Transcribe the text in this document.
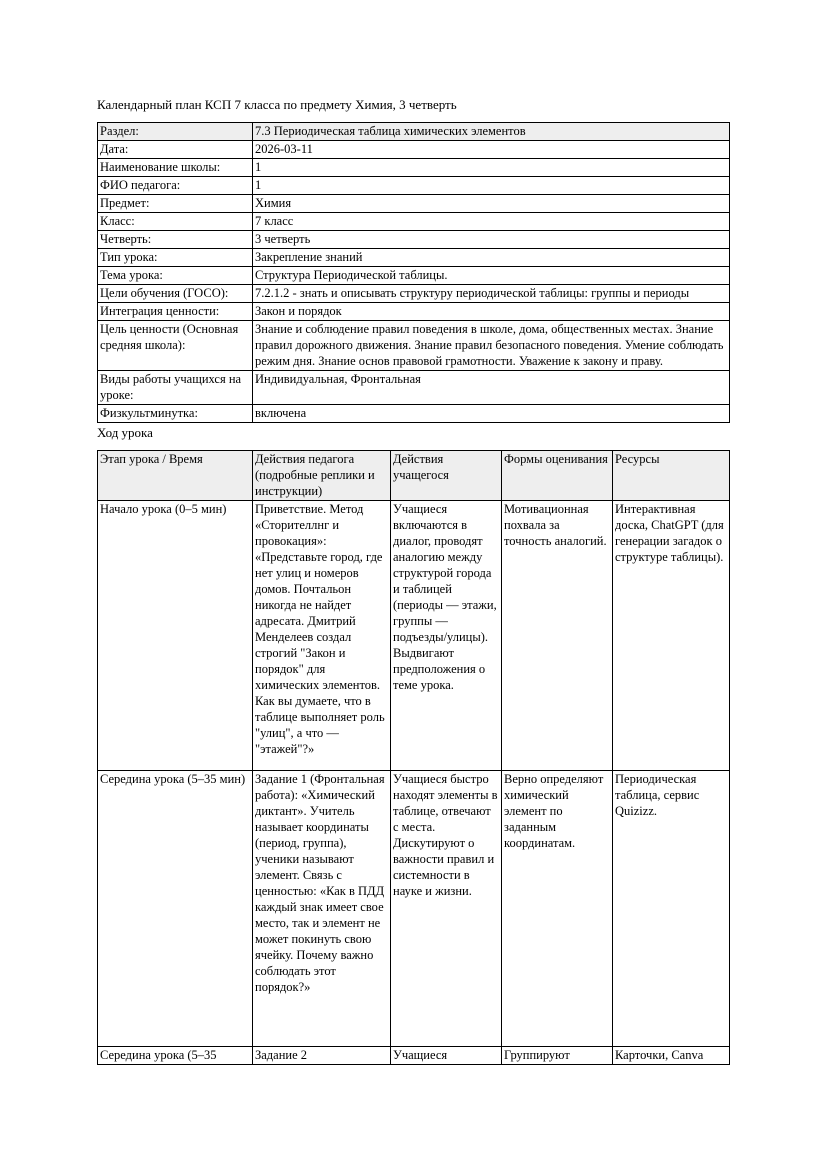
Календарный план КСП 7 класса по предмету Химия, 3 четверть
Раздел:	7.3 Периодическая таблица химических элементов
Дата:	2026-03-11
Наименование школы:	1
ФИО педагога:	1
Предмет:	Химия
Класс:	7 класс
Четверть:	3 четверть
Тип урока:	Закрепление знаний
Тема урока:	Структура Периодической таблицы.
Цели обучения (ГОСО):	7.2.1.2 - знать и описывать структуру периодической таблицы: группы и периоды
Интеграция ценности:	Закон и порядок
Цель ценности (Основная средняя школа):	Знание и соблюдение правил поведения в школе, дома, общественных местах. Знание правил дорожного движения. Знание правил безопасного поведения. Умение соблюдать режим дня. Знание основ правовой грамотности. Уважение к закону и праву.
Виды работы учащихся на уроке:	Индивидуальная, Фронтальная
Физкультминутка:	включена
Ход урока
Этап урока / Время	Действия педагога (подробные реплики и инструкции)	Действия учащегося	Формы оценивания	Ресурсы

Начало урока (0–5 мин)	Приветствие. Метод «Сторителлнг и провокация»: «Представьте город, где нет улиц и номеров домов. Почтальон никогда не найдет адресата. Дмитрий Менделеев создал строгий "Закон и порядок" для химических элементов. Как вы думаете, что в таблице выполняет роль "улиц", а что — "этажей"?»	Учащиеся включаются в диалог, проводят аналогию между структурой города и таблицей (периоды — этажи, группы — подъезды/улицы). Выдвигают предположения о теме урока.	Мотивационная похвала за точность аналогий.	Интерактивная доска, ChatGPT (для генерации загадок о структуре таблицы).

Середина урока (5–35 мин)	Задание 1 (Фронтальная работа): «Химический диктант». Учитель называет координаты (период, группа), ученики называют элемент. Связь с ценностью: «Как в ПДД каждый знак имеет свое место, так и элемент не может покинуть свою ячейку. Почему важно соблюдать этот порядок?»	Учащиеся быстро находят элементы в таблице, отвечают с места. Дискутируют о важности правил и системности в науке и жизни.	Верно определяют химический элемент по заданным координатам.	Периодическая таблица, сервис Quizizz.

Середина урока (5–35	Задание 2	Учащиеся	Группируют	Карточки, Canva
